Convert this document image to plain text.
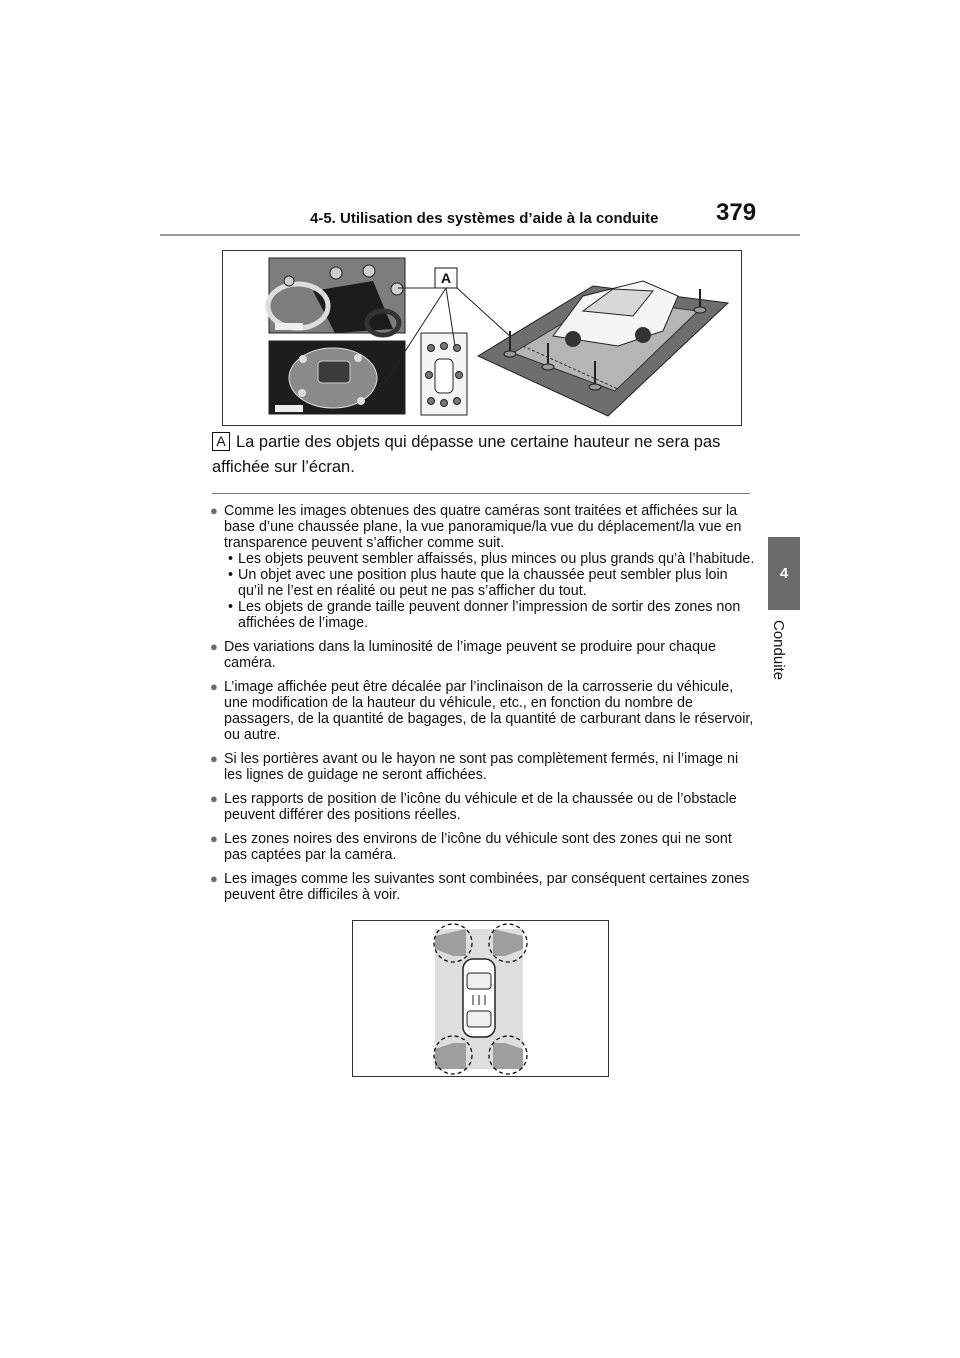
4-5. Utilisation des systèmes d’aide à la conduite 379
4
Conduite
A
A La partie des objets qui dépasse une certaine hauteur ne sera pas affichée sur l’écran.
● Comme les images obtenues des quatre caméras sont traitées et affichées sur la base d’une chaussée plane, la vue panoramique/la vue du déplacement/la vue en transparence peuvent s’afficher comme suit.
• Les objets peuvent sembler affaissés, plus minces ou plus grands qu’à l’habitude.
• Un objet avec une position plus haute que la chaussée peut sembler plus loin qu’il ne l’est en réalité ou peut ne pas s’afficher du tout.
• Les objets de grande taille peuvent donner l’impression de sortir des zones non affichées de l’image.
● Des variations dans la luminosité de l’image peuvent se produire pour chaque caméra.
● L’image affichée peut être décalée par l’inclinaison de la carrosserie du véhicule, une modification de la hauteur du véhicule, etc., en fonction du nombre de passagers, de la quantité de bagages, de la quantité de carburant dans le réservoir, ou autre.
● Si les portières avant ou le hayon ne sont pas complètement fermés, ni l’image ni les lignes de guidage ne seront affichées.
● Les rapports de position de l’icône du véhicule et de la chaussée ou de l’obstacle peuvent différer des positions réelles.
● Les zones noires des environs de l’icône du véhicule sont des zones qui ne sont pas captées par la caméra.
● Les images comme les suivantes sont combinées, par conséquent certaines zones peuvent être difficiles à voir.
